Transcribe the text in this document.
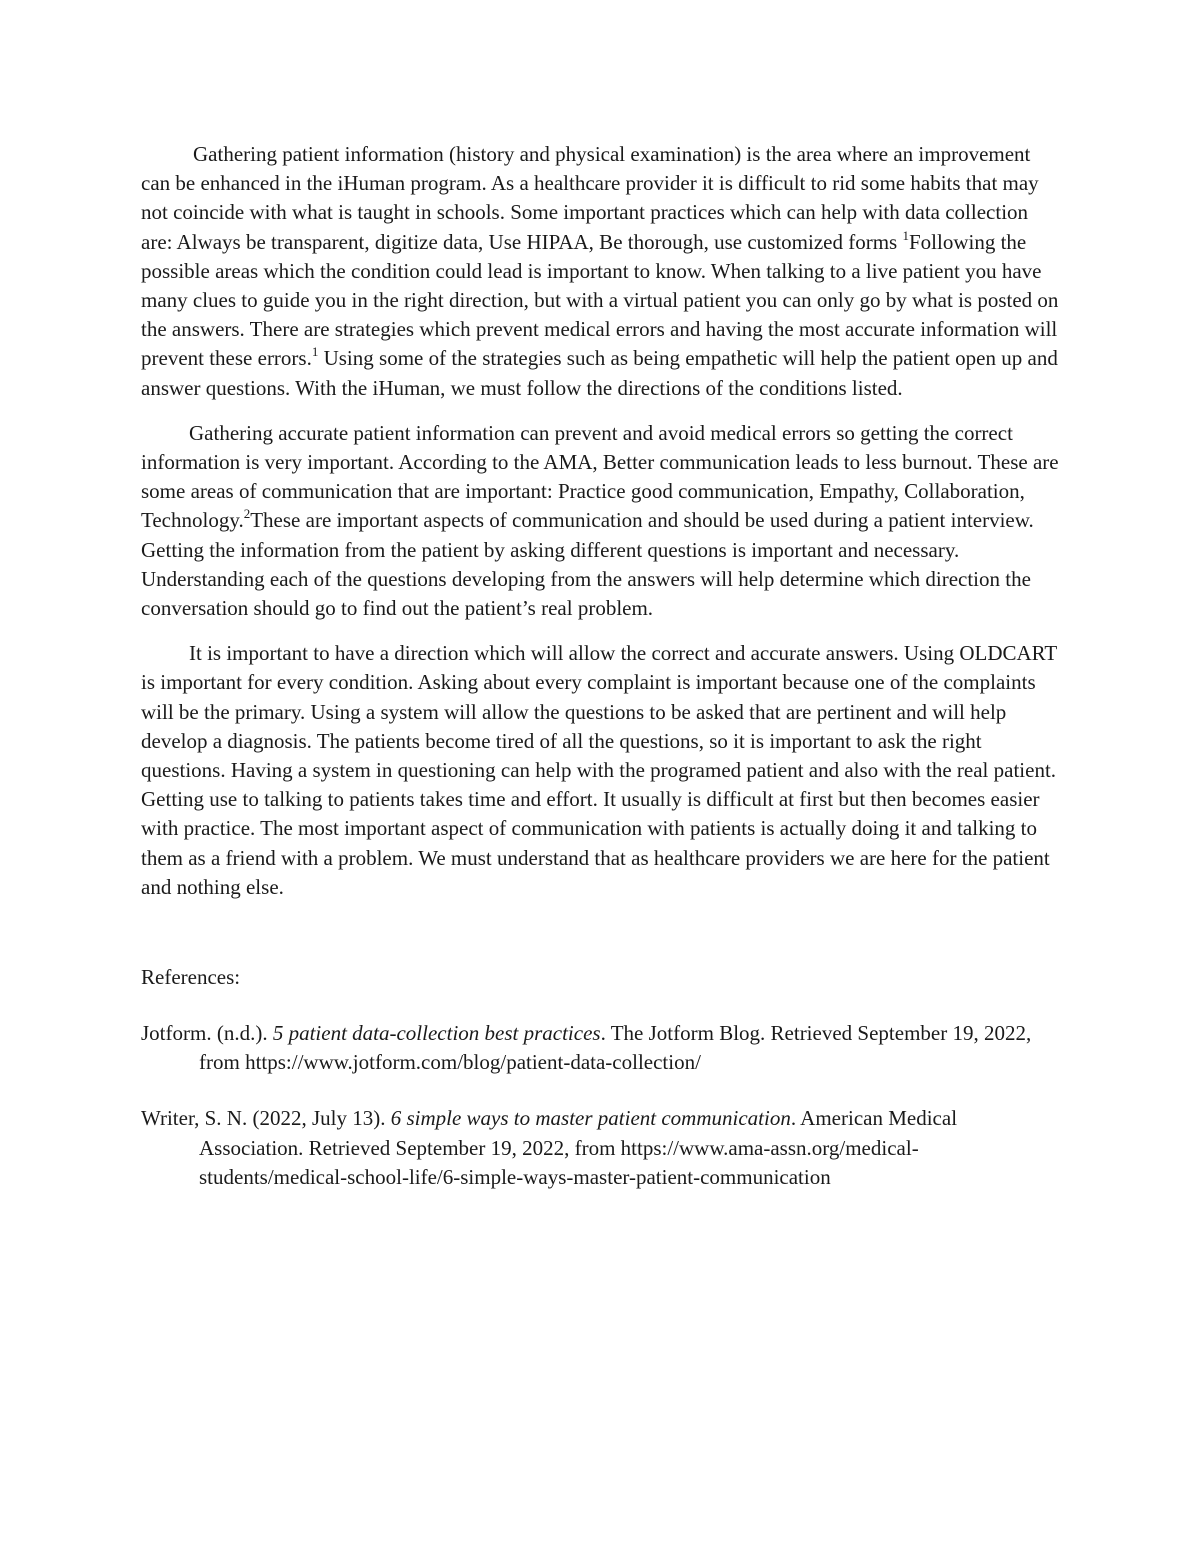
Gathering patient information (history and physical examination) is the area where an improvement can be enhanced in the iHuman program. As a healthcare provider it is difficult to rid some habits that may not coincide with what is taught in schools. Some important practices which can help with data collection are: Always be transparent, digitize data, Use HIPAA, Be thorough, use customized forms $^1$Following the possible areas which the condition could lead is important to know. When talking to a live patient you have many clues to guide you in the right direction, but with a virtual patient you can only go by what is posted on the answers. There are strategies which prevent medical errors and having the most accurate information will prevent these errors.$^1$ Using some of the strategies such as being empathetic will help the patient open up and answer questions. With the iHuman, we must follow the directions of the conditions listed.

Gathering accurate patient information can prevent and avoid medical errors so getting the correct information is very important. According to the AMA, Better communication leads to less burnout. These are some areas of communication that are important: Practice good communication, Empathy, Collaboration, Technology.$^2$These are important aspects of communication and should be used during a patient interview. Getting the information from the patient by asking different questions is important and necessary. Understanding each of the questions developing from the answers will help determine which direction the conversation should go to find out the patient’s real problem.

It is important to have a direction which will allow the correct and accurate answers. Using OLDCART is important for every condition. Asking about every complaint is important because one of the complaints will be the primary. Using a system will allow the questions to be asked that are pertinent and will help develop a diagnosis. The patients become tired of all the questions, so it is important to ask the right questions. Having a system in questioning can help with the programed patient and also with the real patient. Getting use to talking to patients takes time and effort. It usually is difficult at first but then becomes easier with practice. The most important aspect of communication with patients is actually doing it and talking to them as a friend with a problem. We must understand that as healthcare providers we are here for the patient and nothing else.

References:

Jotform. (n.d.). 5 patient data-collection best practices. The Jotform Blog. Retrieved September 19, 2022, from https://www.jotform.com/blog/patient-data-collection/

Writer, S. N. (2022, July 13). 6 simple ways to master patient communication. American Medical Association. Retrieved September 19, 2022, from https://www.ama-assn.org/medical-students/medical-school-life/6-simple-ways-master-patient-communication
